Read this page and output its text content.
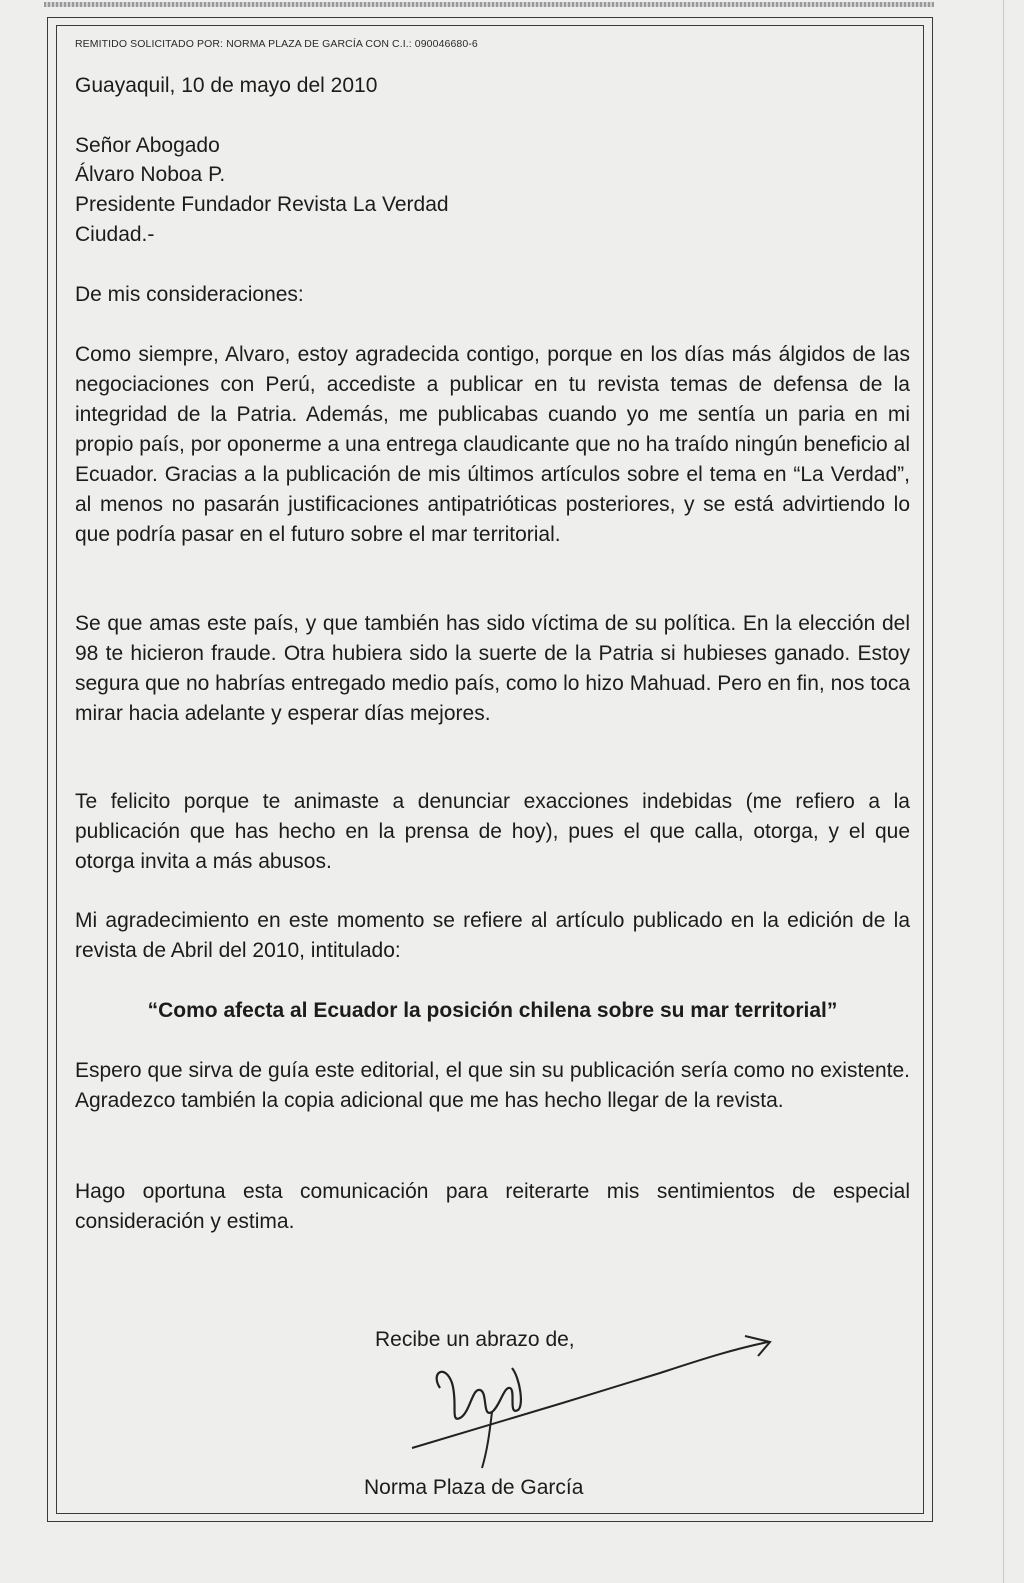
REMITIDO SOLICITADO POR: NORMA PLAZA DE GARCÍA CON C.I.: 090046680-6
Guayaquil, 10 de mayo del 2010
Señor Abogado
Álvaro Noboa P.
Presidente Fundador Revista La Verdad
Ciudad.-
De mis consideraciones:
Como siempre, Alvaro, estoy agradecida contigo, porque en los días más álgidos de las negociaciones con Perú, accediste a publicar en tu revista temas de defensa de la integridad de la Patria. Además, me publicabas cuando yo me sentía un paria en mi propio país, por oponerme a una entrega claudicante que no ha traído ningún beneficio al Ecuador. Gracias a la publicación de mis últimos artículos sobre el tema en “La Verdad”, al menos no pasarán justificaciones antipatrióticas posteriores, y se está advirtiendo lo que podría pasar en el futuro sobre el mar territorial.
Se que amas este país, y que también has sido víctima de su política. En la elección del 98 te hicieron fraude. Otra hubiera sido la suerte de la Patria si hubieses ganado. Estoy segura que no habrías entregado medio país, como lo hizo Mahuad. Pero en fin, nos toca mirar hacia adelante y esperar días mejores.
Te felicito porque te animaste a denunciar exacciones indebidas (me refiero a la publicación que has hecho en la prensa de hoy), pues el que calla, otorga, y el que otorga invita a más abusos.
Mi agradecimiento en este momento se refiere al artículo publicado en la edición de la revista de Abril del 2010, intitulado:
“Como afecta al Ecuador la posición chilena sobre su mar territorial”
Espero que sirva de guía este editorial, el que sin su publicación sería como no existente. Agradezco también la copia adicional que me has hecho llegar de la revista.
Hago oportuna esta comunicación para reiterarte mis sentimientos de especial consideración y estima.
Recibe un abrazo de,
Norma Plaza de García
